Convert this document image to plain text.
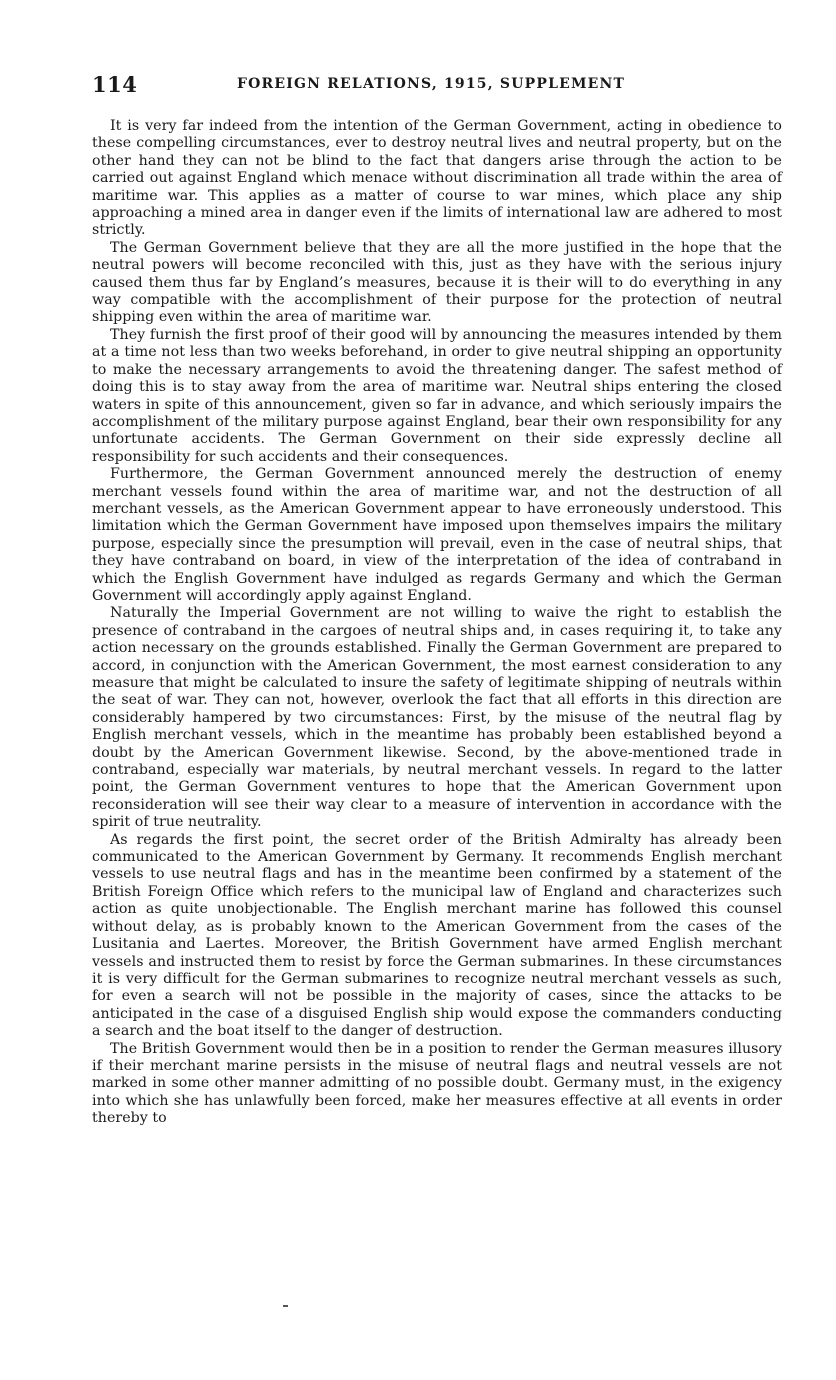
114	FOREIGN RELATIONS, 1915, SUPPLEMENT

It is very far indeed from the intention of the German Government, acting in obedience to these compelling circumstances, ever to destroy neutral lives and neutral property, but on the other hand they can not be blind to the fact that dangers arise through the action to be carried out against England which menace without discrimination all trade within the area of maritime war. This applies as a matter of course to war mines, which place any ship approaching a mined area in danger even if the limits of international law are adhered to most strictly.

The German Government believe that they are all the more justified in the hope that the neutral powers will become reconciled with this, just as they have with the serious injury caused them thus far by England’s measures, because it is their will to do everything in any way compatible with the accomplishment of their purpose for the protection of neutral shipping even within the area of maritime war.

They furnish the first proof of their good will by announcing the measures intended by them at a time not less than two weeks beforehand, in order to give neutral shipping an opportunity to make the necessary arrangements to avoid the threatening danger. The safest method of doing this is to stay away from the area of maritime war. Neutral ships entering the closed waters in spite of this announcement, given so far in advance, and which seriously impairs the accomplishment of the military purpose against England, bear their own responsibility for any unfortunate accidents. The German Government on their side expressly decline all responsibility for such accidents and their consequences.

Furthermore, the German Government announced merely the destruction of enemy merchant vessels found within the area of maritime war, and not the destruction of all merchant vessels, as the American Government appear to have erroneously understood. This limitation which the German Government have imposed upon themselves impairs the military purpose, especially since the presumption will prevail, even in the case of neutral ships, that they have contraband on board, in view of the interpretation of the idea of contraband in which the English Government have indulged as regards Germany and which the German Government will accordingly apply against England.

Naturally the Imperial Government are not willing to waive the right to establish the presence of contraband in the cargoes of neutral ships and, in cases requiring it, to take any action necessary on the grounds established. Finally the German Government are prepared to accord, in conjunction with the American Government, the most earnest consideration to any measure that might be calculated to insure the safety of legitimate shipping of neutrals within the seat of war. They can not, however, overlook the fact that all efforts in this direction are considerably hampered by two circumstances: First, by the misuse of the neutral flag by English merchant vessels, which in the meantime has probably been established beyond a doubt by the American Government likewise. Second, by the above-mentioned trade in contraband, especially war materials, by neutral merchant vessels. In regard to the latter point, the German Government ventures to hope that the American Government upon reconsideration will see their way clear to a measure of intervention in accordance with the spirit of true neutrality.

As regards the first point, the secret order of the British Admiralty has already been communicated to the American Government by Germany. It recommends English merchant vessels to use neutral flags and has in the meantime been confirmed by a statement of the British Foreign Office which refers to the municipal law of England and characterizes such action as quite unobjectionable. The English merchant marine has followed this counsel without delay, as is probably known to the American Government from the cases of the Lusitania and Laertes. Moreover, the British Government have armed English merchant vessels and instructed them to resist by force the German submarines. In these circumstances it is very difficult for the German submarines to recognize neutral merchant vessels as such, for even a search will not be possible in the majority of cases, since the attacks to be anticipated in the case of a disguised English ship would expose the commanders conducting a search and the boat itself to the danger of destruction.

The British Government would then be in a position to render the German measures illusory if their merchant marine persists in the misuse of neutral flags and neutral vessels are not marked in some other manner admitting of no possible doubt. Germany must, in the exigency into which she has unlawfully been forced, make her measures effective at all events in order thereby to
